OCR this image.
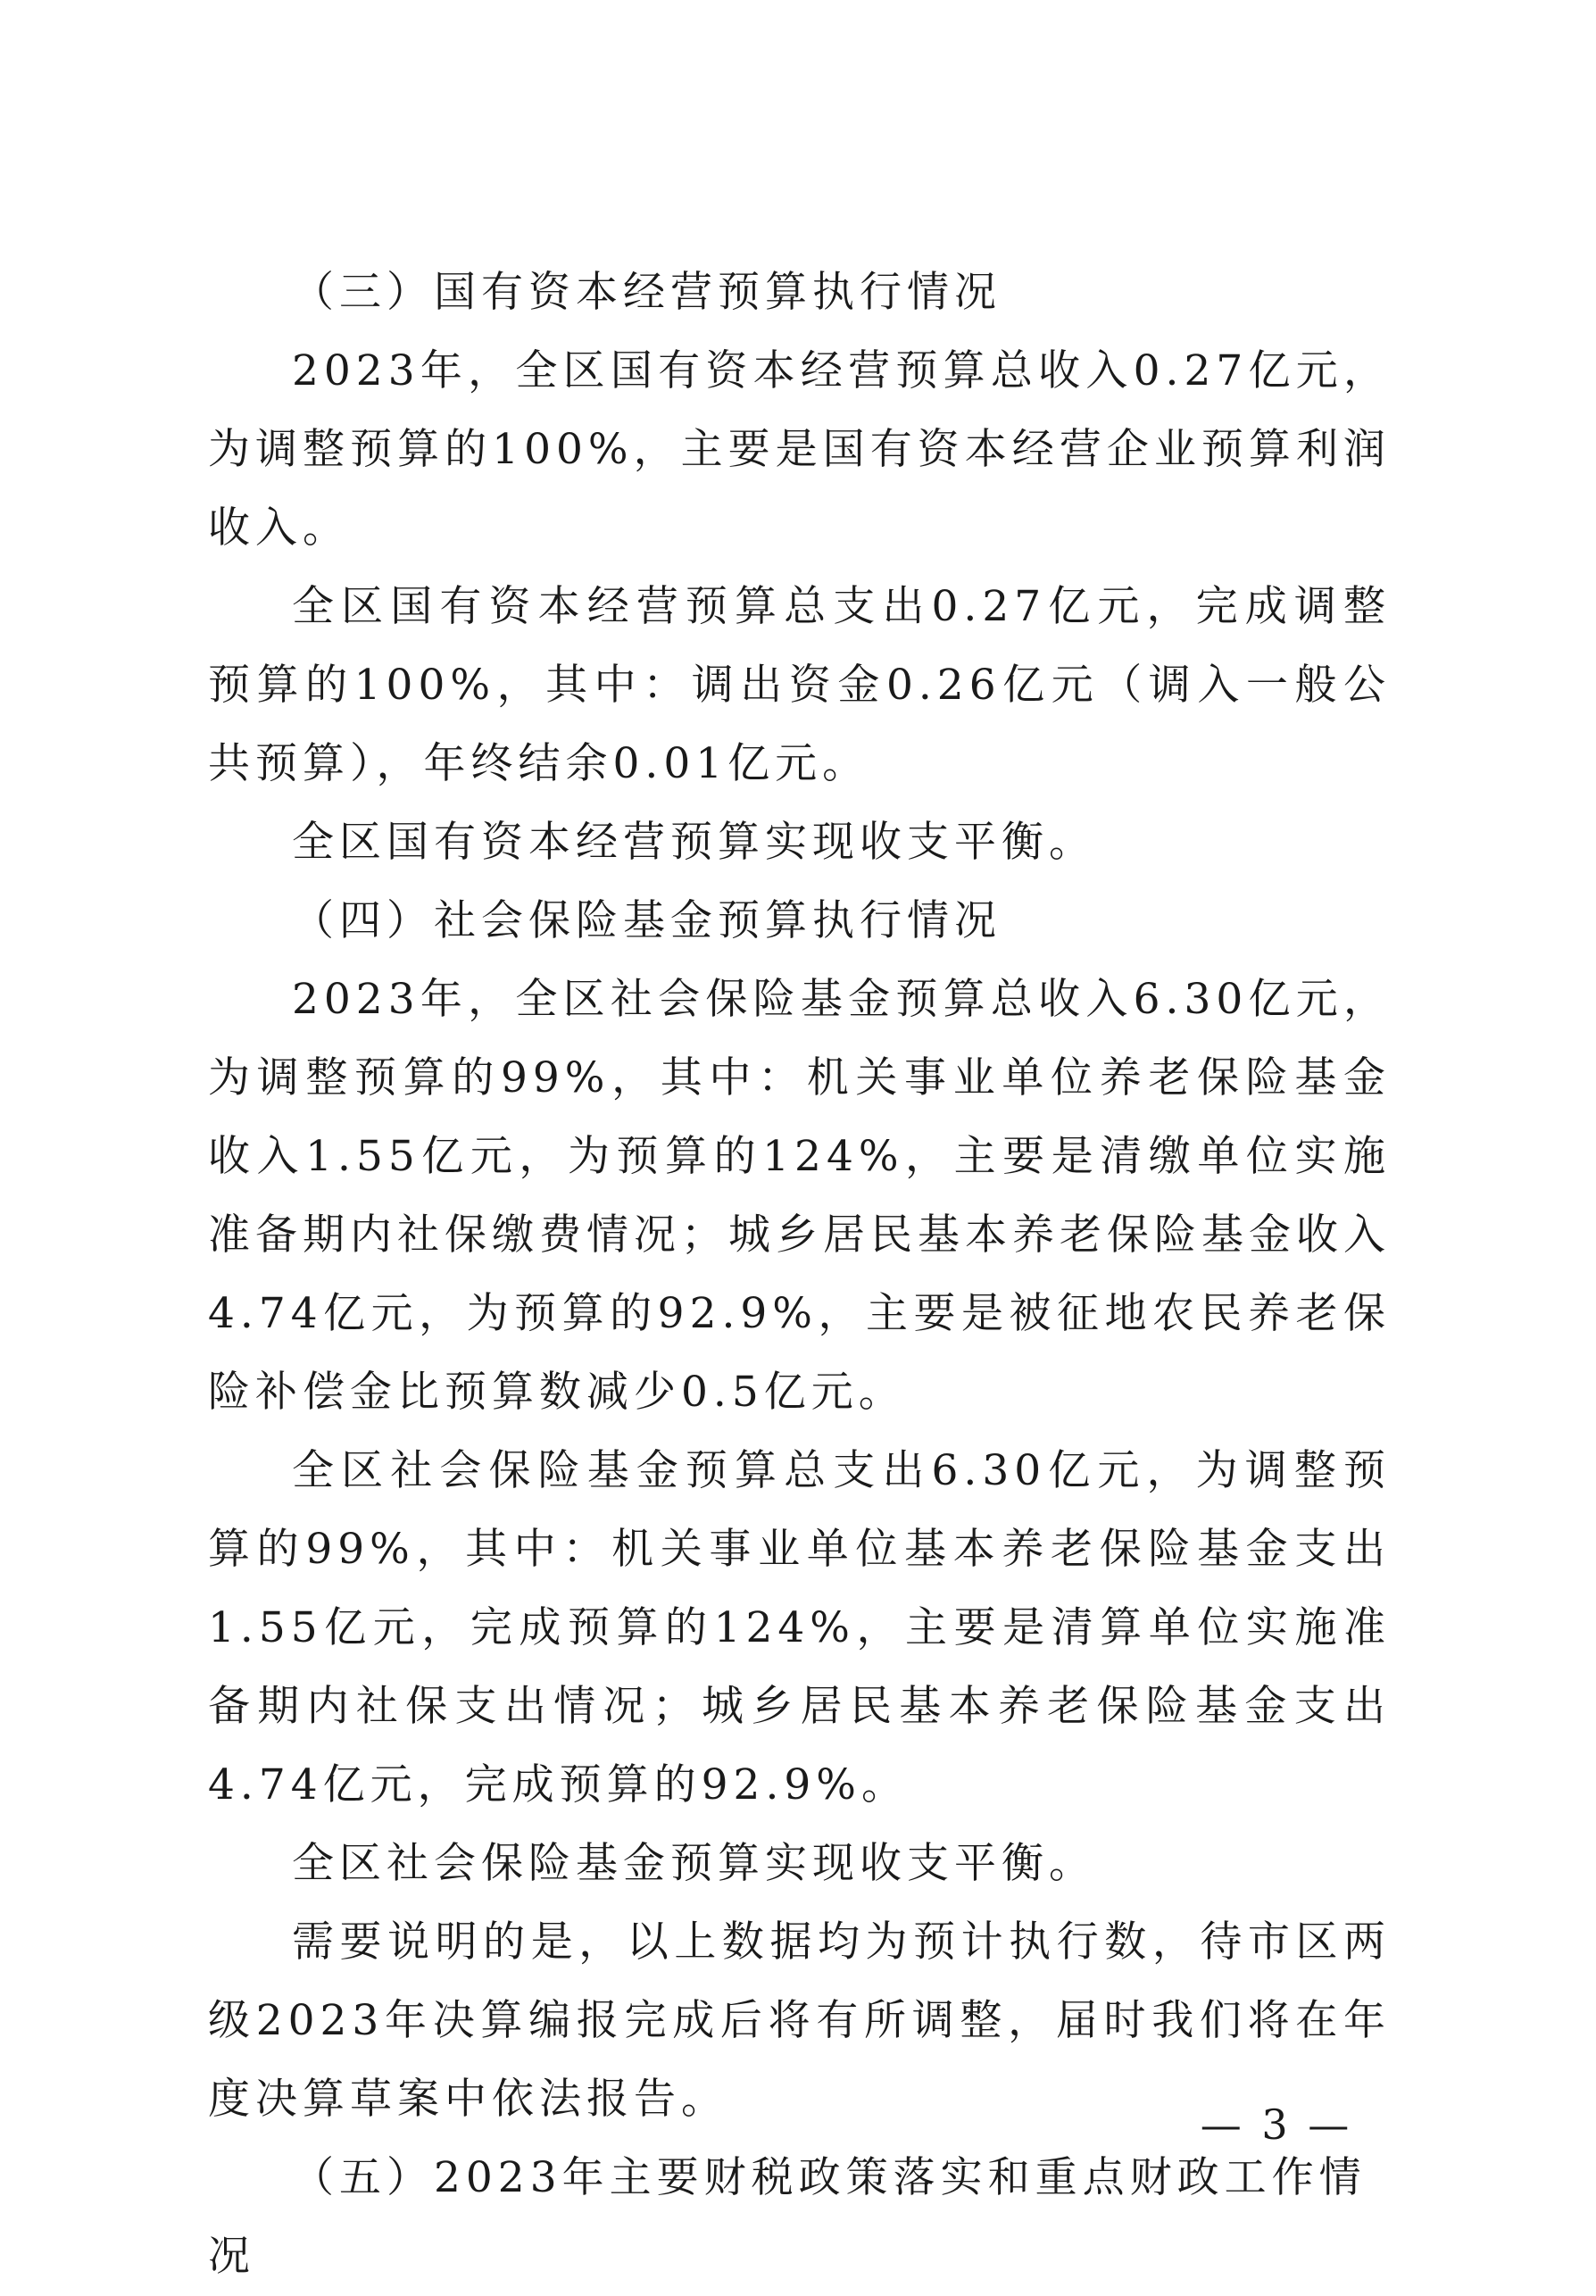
（三）国有资本经营预算执行情况

2023年，全区国有资本经营预算总收入0.27亿元，为调整预算的100%，主要是国有资本经营企业预算利润收入。

全区国有资本经营预算总支出0.27亿元，完成调整预算的100%，其中：调出资金0.26亿元（调入一般公共预算），年终结余0.01亿元。

全区国有资本经营预算实现收支平衡。

（四）社会保险基金预算执行情况

2023年，全区社会保险基金预算总收入6.30亿元，为调整预算的99%，其中：机关事业单位养老保险基金收入1.55亿元，为预算的124%，主要是清缴单位实施准备期内社保缴费情况；城乡居民基本养老保险基金收入4.74亿元，为预算的92.9%，主要是被征地农民养老保险补偿金比预算数减少0.5亿元。

全区社会保险基金预算总支出6.30亿元，为调整预算的99%，其中：机关事业单位基本养老保险基金支出1.55亿元，完成预算的124%，主要是清算单位实施准备期内社保支出情况；城乡居民基本养老保险基金支出4.74亿元，完成预算的92.9%。

全区社会保险基金预算实现收支平衡。

需要说明的是，以上数据均为预计执行数，待市区两级2023年决算编报完成后将有所调整，届时我们将在年度决算草案中依法报告。

（五）2023年主要财税政策落实和重点财政工作情况

— 3 —
